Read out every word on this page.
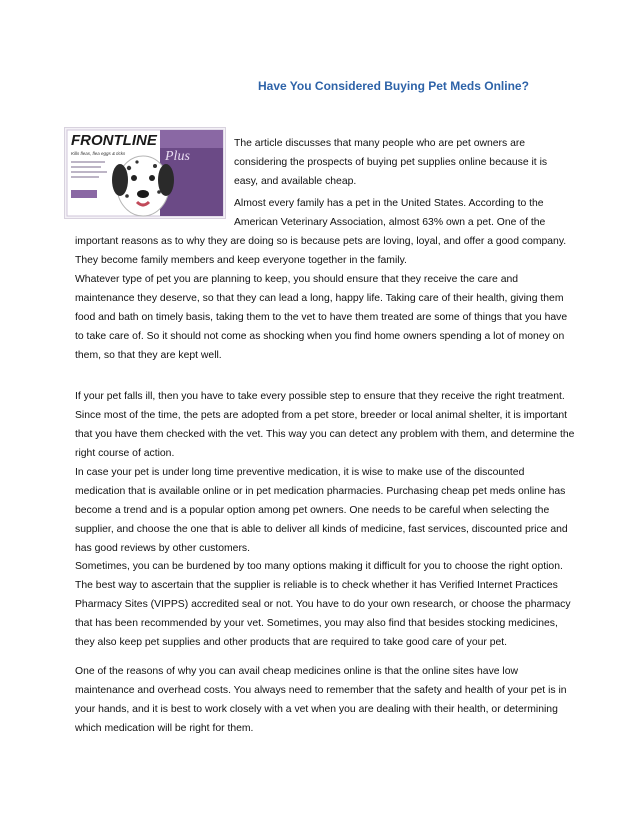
Have You Considered Buying Pet Meds Online?
FRONTLINE
Plus
Kills fleas, flea eggs & ticks

The article discusses that many people who are pet owners are considering the prospects of buying pet supplies online because it is easy, and available cheap.

Almost every family has a pet in the United States. According to the American Veterinary Association, almost 63% own a pet. One of the

important reasons as to why they are doing so is because pets are loving, loyal, and offer a good company. They become family members and keep everyone together in the family.

Whatever type of pet you are planning to keep, you should ensure that they receive the care and maintenance they deserve, so that they can lead a long, happy life. Taking care of their health, giving them food and bath on timely basis, taking them to the vet to have them treated are some of things that you have to take care of. So it should not come as shocking when you find home owners spending a lot of money on them, so that they are kept well.

If your pet falls ill, then you have to take every possible step to ensure that they receive the right treatment. Since most of the time, the pets are adopted from a pet store, breeder or local animal shelter, it is important that you have them checked with the vet. This way you can detect any problem with them, and determine the right course of action.

In case your pet is under long time preventive medication, it is wise to make use of the discounted medication that is available online or in pet medication pharmacies. Purchasing cheap pet meds online has become a trend and is a popular option among pet owners. One needs to be careful when selecting the supplier, and choose the one that is able to deliver all kinds of medicine, fast services, discounted price and has good reviews by other customers.

Sometimes, you can be burdened by too many options making it difficult for you to choose the right option. The best way to ascertain that the supplier is reliable is to check whether it has Verified Internet Practices Pharmacy Sites (VIPPS) accredited seal or not. You have to do your own research, or choose the pharmacy that has been recommended by your vet. Sometimes, you may also find that besides stocking medicines, they also keep pet supplies and other products that are required to take good care of your pet.

One of the reasons of why you can avail cheap medicines online is that the online sites have low maintenance and overhead costs. You always need to remember that the safety and health of your pet is in your hands, and it is best to work closely with a vet when you are dealing with their health, or determining which medication will be right for them.
